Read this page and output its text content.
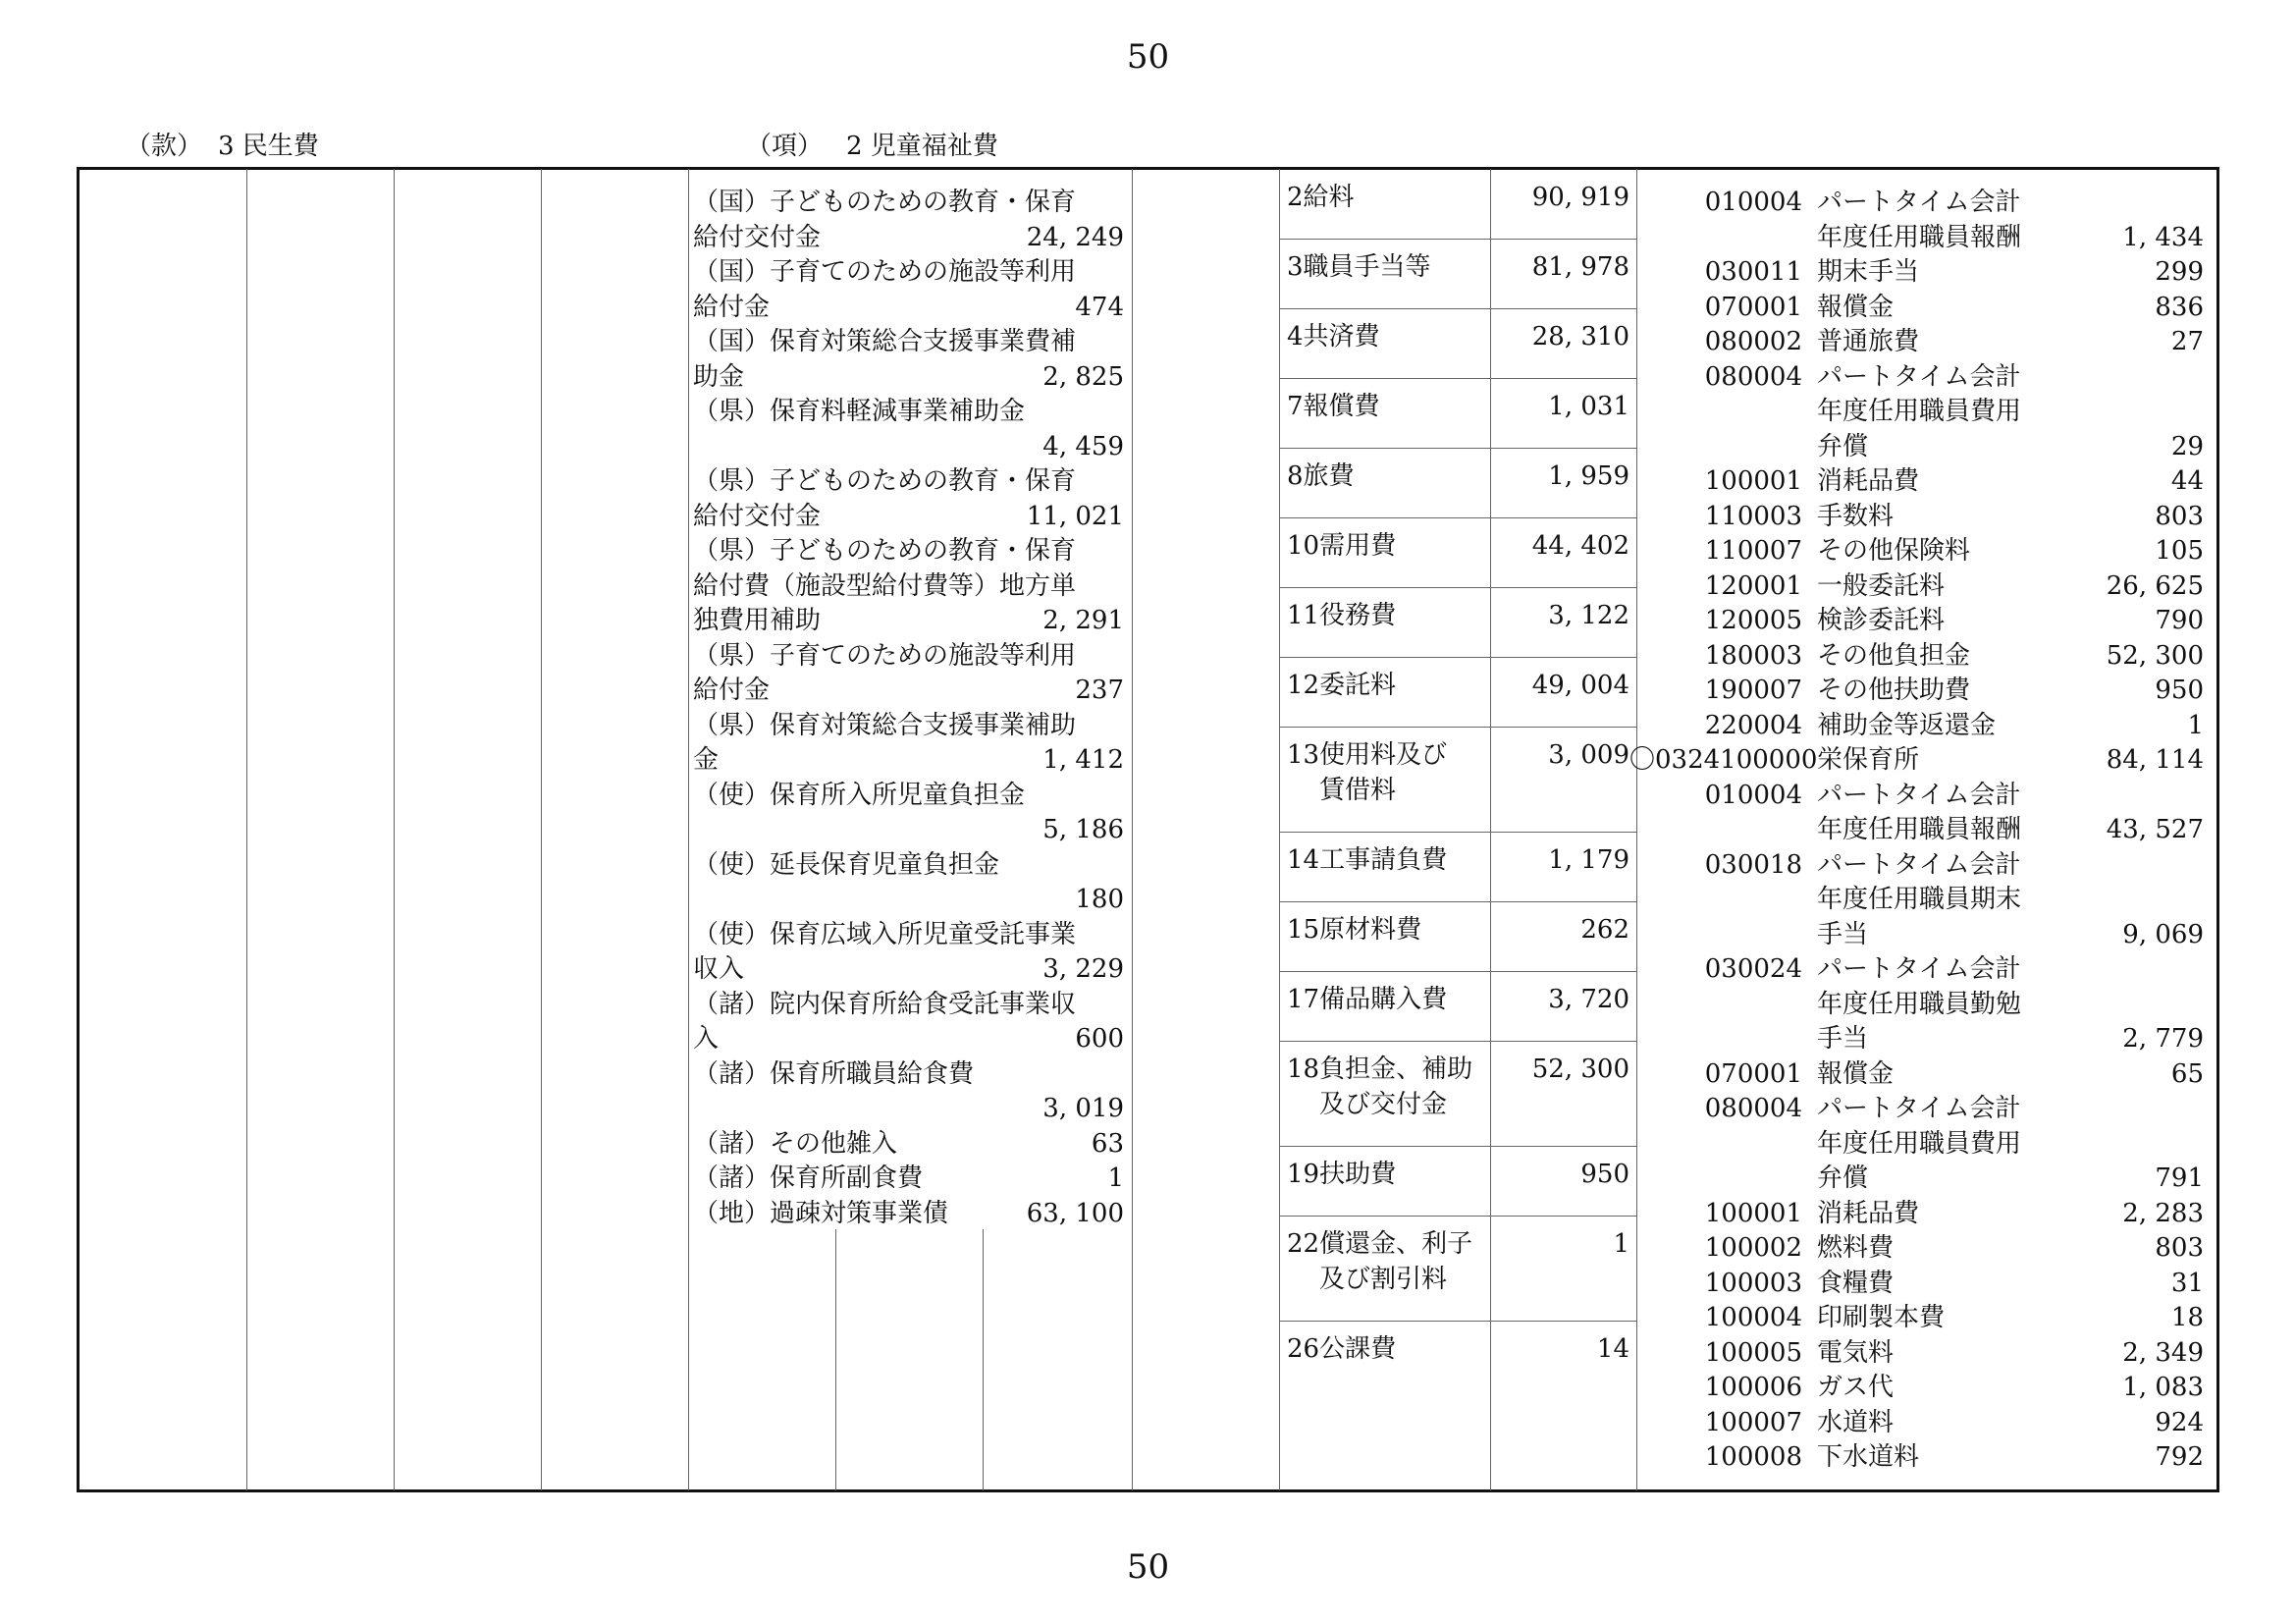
50
（款） 3 民生費	（項） 2 児童福祉費
（国）子どものための教育・保育
給付交付金	24, 249
（国）子育てのための施設等利用
給付金	474
（国）保育対策総合支援事業費補
助金	2, 825
（県）保育料軽減事業補助金
4, 459
（県）子どものための教育・保育
給付交付金	11, 021
（県）子どものための教育・保育
給付費（施設型給付費等）地方単
独費用補助	2, 291
（県）子育てのための施設等利用
給付金	237
（県）保育対策総合支援事業補助
金	1, 412
（使）保育所入所児童負担金
5, 186
（使）延長保育児童負担金
180
（使）保育広域入所児童受託事業
収入	3, 229
（諸）院内保育所給食受託事業収
入	600
（諸）保育所職員給食費
3, 019
（諸）その他雑入	63
（諸）保育所副食費	1
（地）過疎対策事業債	63, 100
2給料	90, 919
3職員手当等	81, 978
4共済費	28, 310
7報償費	1, 031
8旅費	1, 959
10需用費	44, 402
11役務費	3, 122
12委託料	49, 004
13使用料及び
賃借料
3, 009
14工事請負費	1, 179
15原材料費	262
17備品購入費	3, 720
18負担金、補助
及び交付金
52, 300
19扶助費	950
22償還金、利子
及び割引料
1
26公課費	14
010004 パートタイム会計
年度任用職員報酬	1, 434
030011 期末手当	299
070001 報償金	836
080002 普通旅費	27
080004 パートタイム会計
年度任用職員費用
弁償	29
100001 消耗品費	44
110003 手数料	803
110007 その他保険料	105
120001 一般委託料	26, 625
120005 検診委託料	790
180003 その他負担金	52, 300
190007 その他扶助費	950
220004 補助金等返還金	1
〇0324100000 栄保育所	84, 114
010004 パートタイム会計
年度任用職員報酬	43, 527
030018 パートタイム会計
年度任用職員期末
手当	9, 069
030024 パートタイム会計
年度任用職員勤勉
手当	2, 779
070001 報償金	65
080004 パートタイム会計
年度任用職員費用
弁償	791
100001 消耗品費	2, 283
100002 燃料費	803
100003 食糧費	31
100004 印刷製本費	18
100005 電気料	2, 349
100006 ガス代	1, 083
100007 水道料	924
100008 下水道料	792
50
